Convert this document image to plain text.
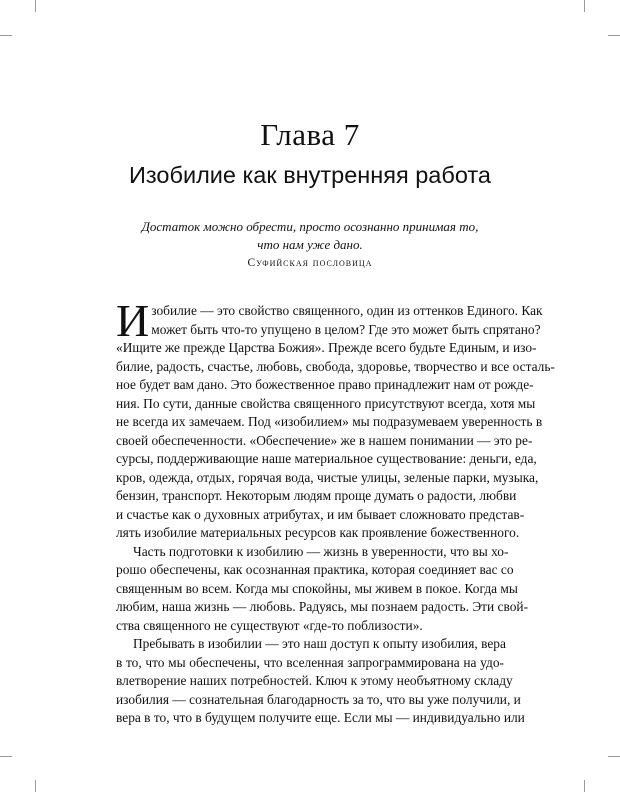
Глава 7
Изобилие как внутренняя работа
Достаток можно обрести, просто осознанно принимая то,
что нам уже дано.
Суфийская пословица
И зобилие — это свойство священного, один из оттенков Единого. Как
может быть что-то упущено в целом? Где это может быть спрятано?
«Ищите же прежде Царства Божия». Прежде всего будьте Единым, и изо-
билие, радость, счастье, любовь, свобода, здоровье, творчество и все осталь-
ное будет вам дано. Это божественное право принадлежит нам от рожде-
ния. По сути, данные свойства священного присутствуют всегда, хотя мы
не всегда их замечаем. Под «изобилием» мы подразумеваем уверенность в
своей обеспеченности. «Обеспечение» же в нашем понимании — это ре-
сурсы, поддерживающие наше материальное существование: деньги, еда,
кров, одежда, отдых, горячая вода, чистые улицы, зеленые парки, музыка,
бензин, транспорт. Некоторым людям проще думать о радости, любви
и счастье как о духовных атрибутах, и им бывает сложновато представ-
лять изобилие материальных ресурсов как проявление божественного.
Часть подготовки к изобилию — жизнь в уверенности, что вы хо-
рошо обеспечены, как осознанная практика, которая соединяет вас со
священным во всем. Когда мы спокойны, мы живем в покое. Когда мы
любим, наша жизнь — любовь. Радуясь, мы познаем радость. Эти свой-
ства священного не существуют «где-то поблизости».
Пребывать в изобилии — это наш доступ к опыту изобилия, вера
в то, что мы обеспечены, что вселенная запрограммирована на удо-
влетворение наших потребностей. Ключ к этому необъятному складу
изобилия — сознательная благодарность за то, что вы уже получили, и
вера в то, что в будущем получите еще. Если мы — индивидуально или
